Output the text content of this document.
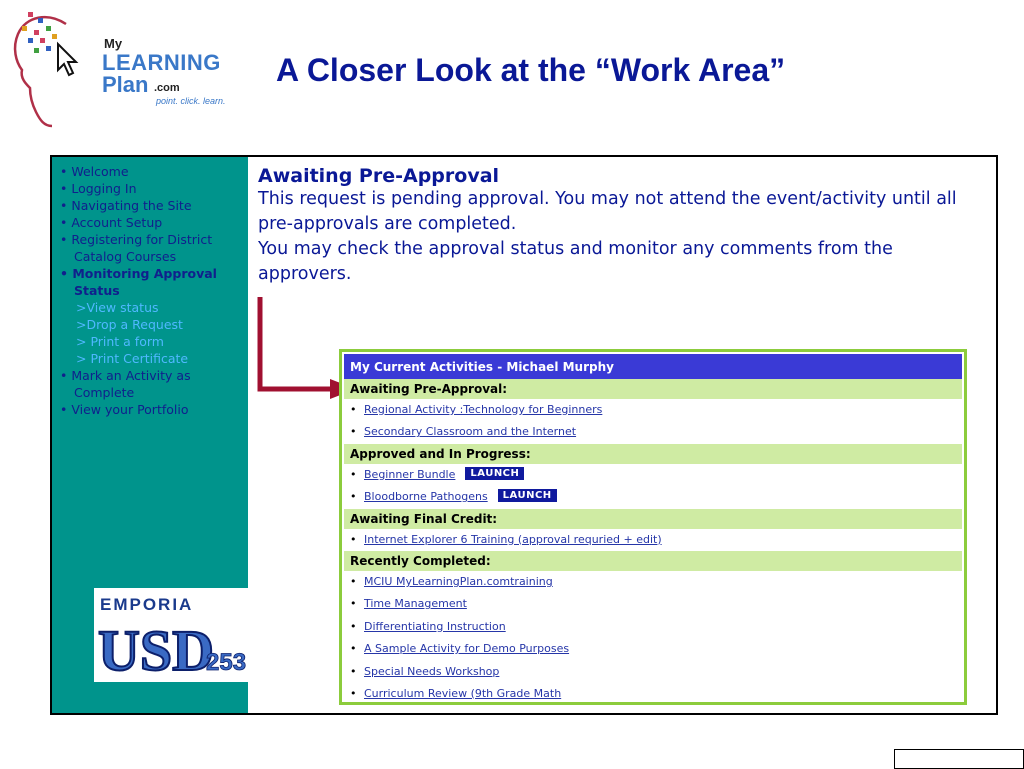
My
LEARNING
Plan .com
point. click. learn.
A Closer Look at the “Work Area”
• Welcome
• Logging In
• Navigating the Site
• Account Setup
• Registering for District Catalog Courses
• Monitoring Approval Status
>View status
>Drop a Request
> Print a form
> Print Certificate
• Mark an Activity as Complete
• View your Portfolio
EMPORIA
USD
253
Awaiting Pre-Approval

This request is pending approval. You may not attend the event/activity until all pre-approvals are completed.

You may check the approval status and monitor any comments from the approvers.

My Current Activities - Michael Murphy
Awaiting Pre-Approval:
• Regional Activity :Technology for Beginners
• Secondary Classroom and the Internet
Approved and In Progress:
• Beginner Bundle LAUNCH
• Bloodborne Pathogens LAUNCH
Awaiting Final Credit:
• Internet Explorer 6 Training (approval requried + edit)
Recently Completed:
• MCIU MyLearningPlan.comtraining
• Time Management
• Differentiating Instruction
• A Sample Activity for Demo Purposes
• Special Needs Workshop
• Curriculum Review (9th Grade Math
